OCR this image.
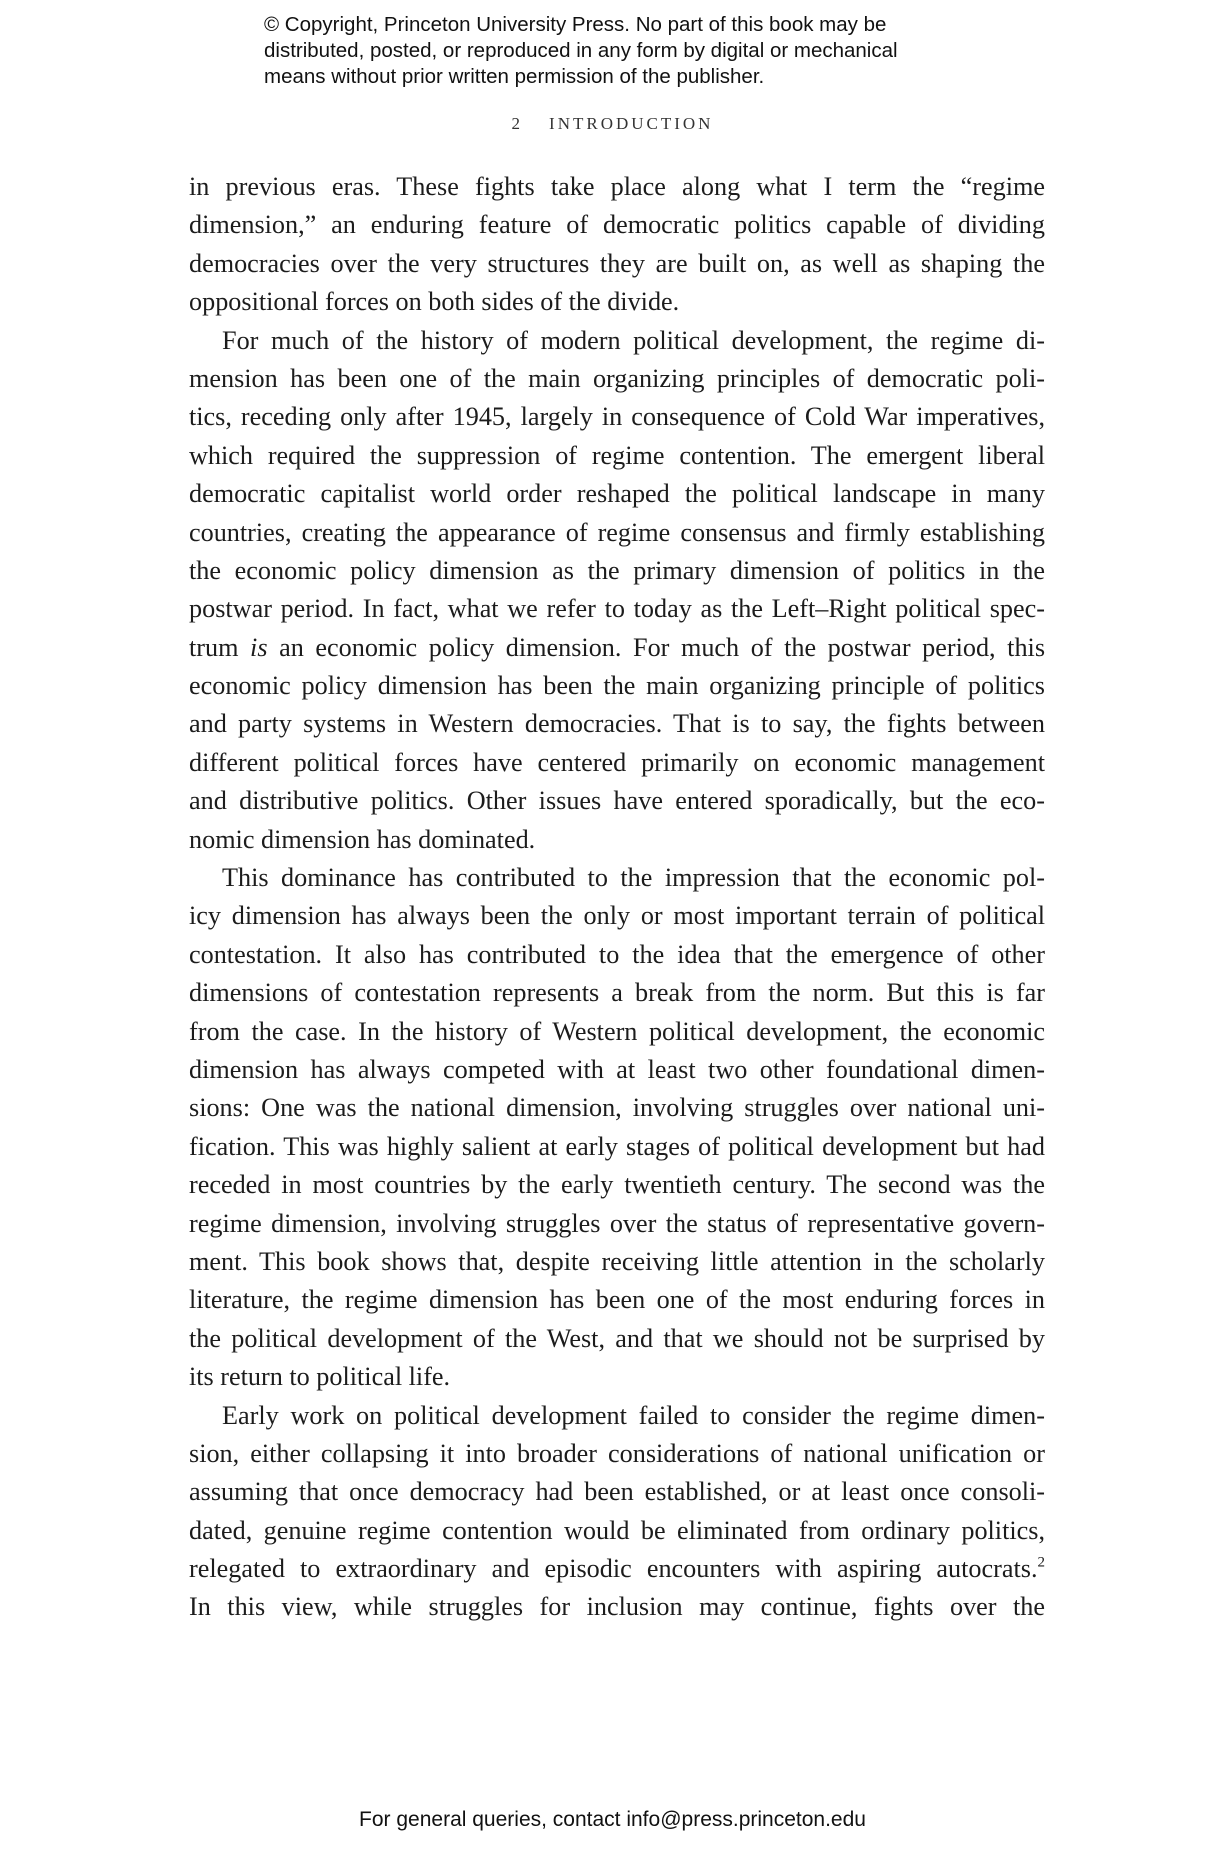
© Copyright, Princeton University Press. No part of this book may be
distributed, posted, or reproduced in any form by digital or mechanical
means without prior written permission of the publisher.
2 INTRODUCTION
in previous eras. These fights take place along what I term the “regime
dimension,” an enduring feature of democratic politics capable of dividing
democracies over the very structures they are built on, as well as shaping the
oppositional forces on both sides of the divide.
For much of the history of modern political development, the regime di-
mension has been one of the main organizing principles of democratic poli-
tics, receding only after 1945, largely in consequence of Cold War imperatives,
which required the suppression of regime contention. The emergent liberal
democratic capitalist world order reshaped the political landscape in many
countries, creating the appearance of regime consensus and firmly establishing
the economic policy dimension as the primary dimension of politics in the
postwar period. In fact, what we refer to today as the Left–Right political spec-
trum is an economic policy dimension. For much of the postwar period, this
economic policy dimension has been the main organizing principle of politics
and party systems in Western democracies. That is to say, the fights between
different political forces have centered primarily on economic management
and distributive politics. Other issues have entered sporadically, but the eco-
nomic dimension has dominated.
This dominance has contributed to the impression that the economic pol-
icy dimension has always been the only or most important terrain of political
contestation. It also has contributed to the idea that the emergence of other
dimensions of contestation represents a break from the norm. But this is far
from the case. In the history of Western political development, the economic
dimension has always competed with at least two other foundational dimen-
sions: One was the national dimension, involving struggles over national uni-
fication. This was highly salient at early stages of political development but had
receded in most countries by the early twentieth century. The second was the
regime dimension, involving struggles over the status of representative govern-
ment. This book shows that, despite receiving little attention in the scholarly
literature, the regime dimension has been one of the most enduring forces in
the political development of the West, and that we should not be surprised by
its return to political life.
Early work on political development failed to consider the regime dimen-
sion, either collapsing it into broader considerations of national unification or
assuming that once democracy had been established, or at least once consoli-
dated, genuine regime contention would be eliminated from ordinary politics,
relegated to extraordinary and episodic encounters with aspiring autocrats.$^2$
In this view, while struggles for inclusion may continue, fights over the
For general queries, contact info@press.princeton.edu
